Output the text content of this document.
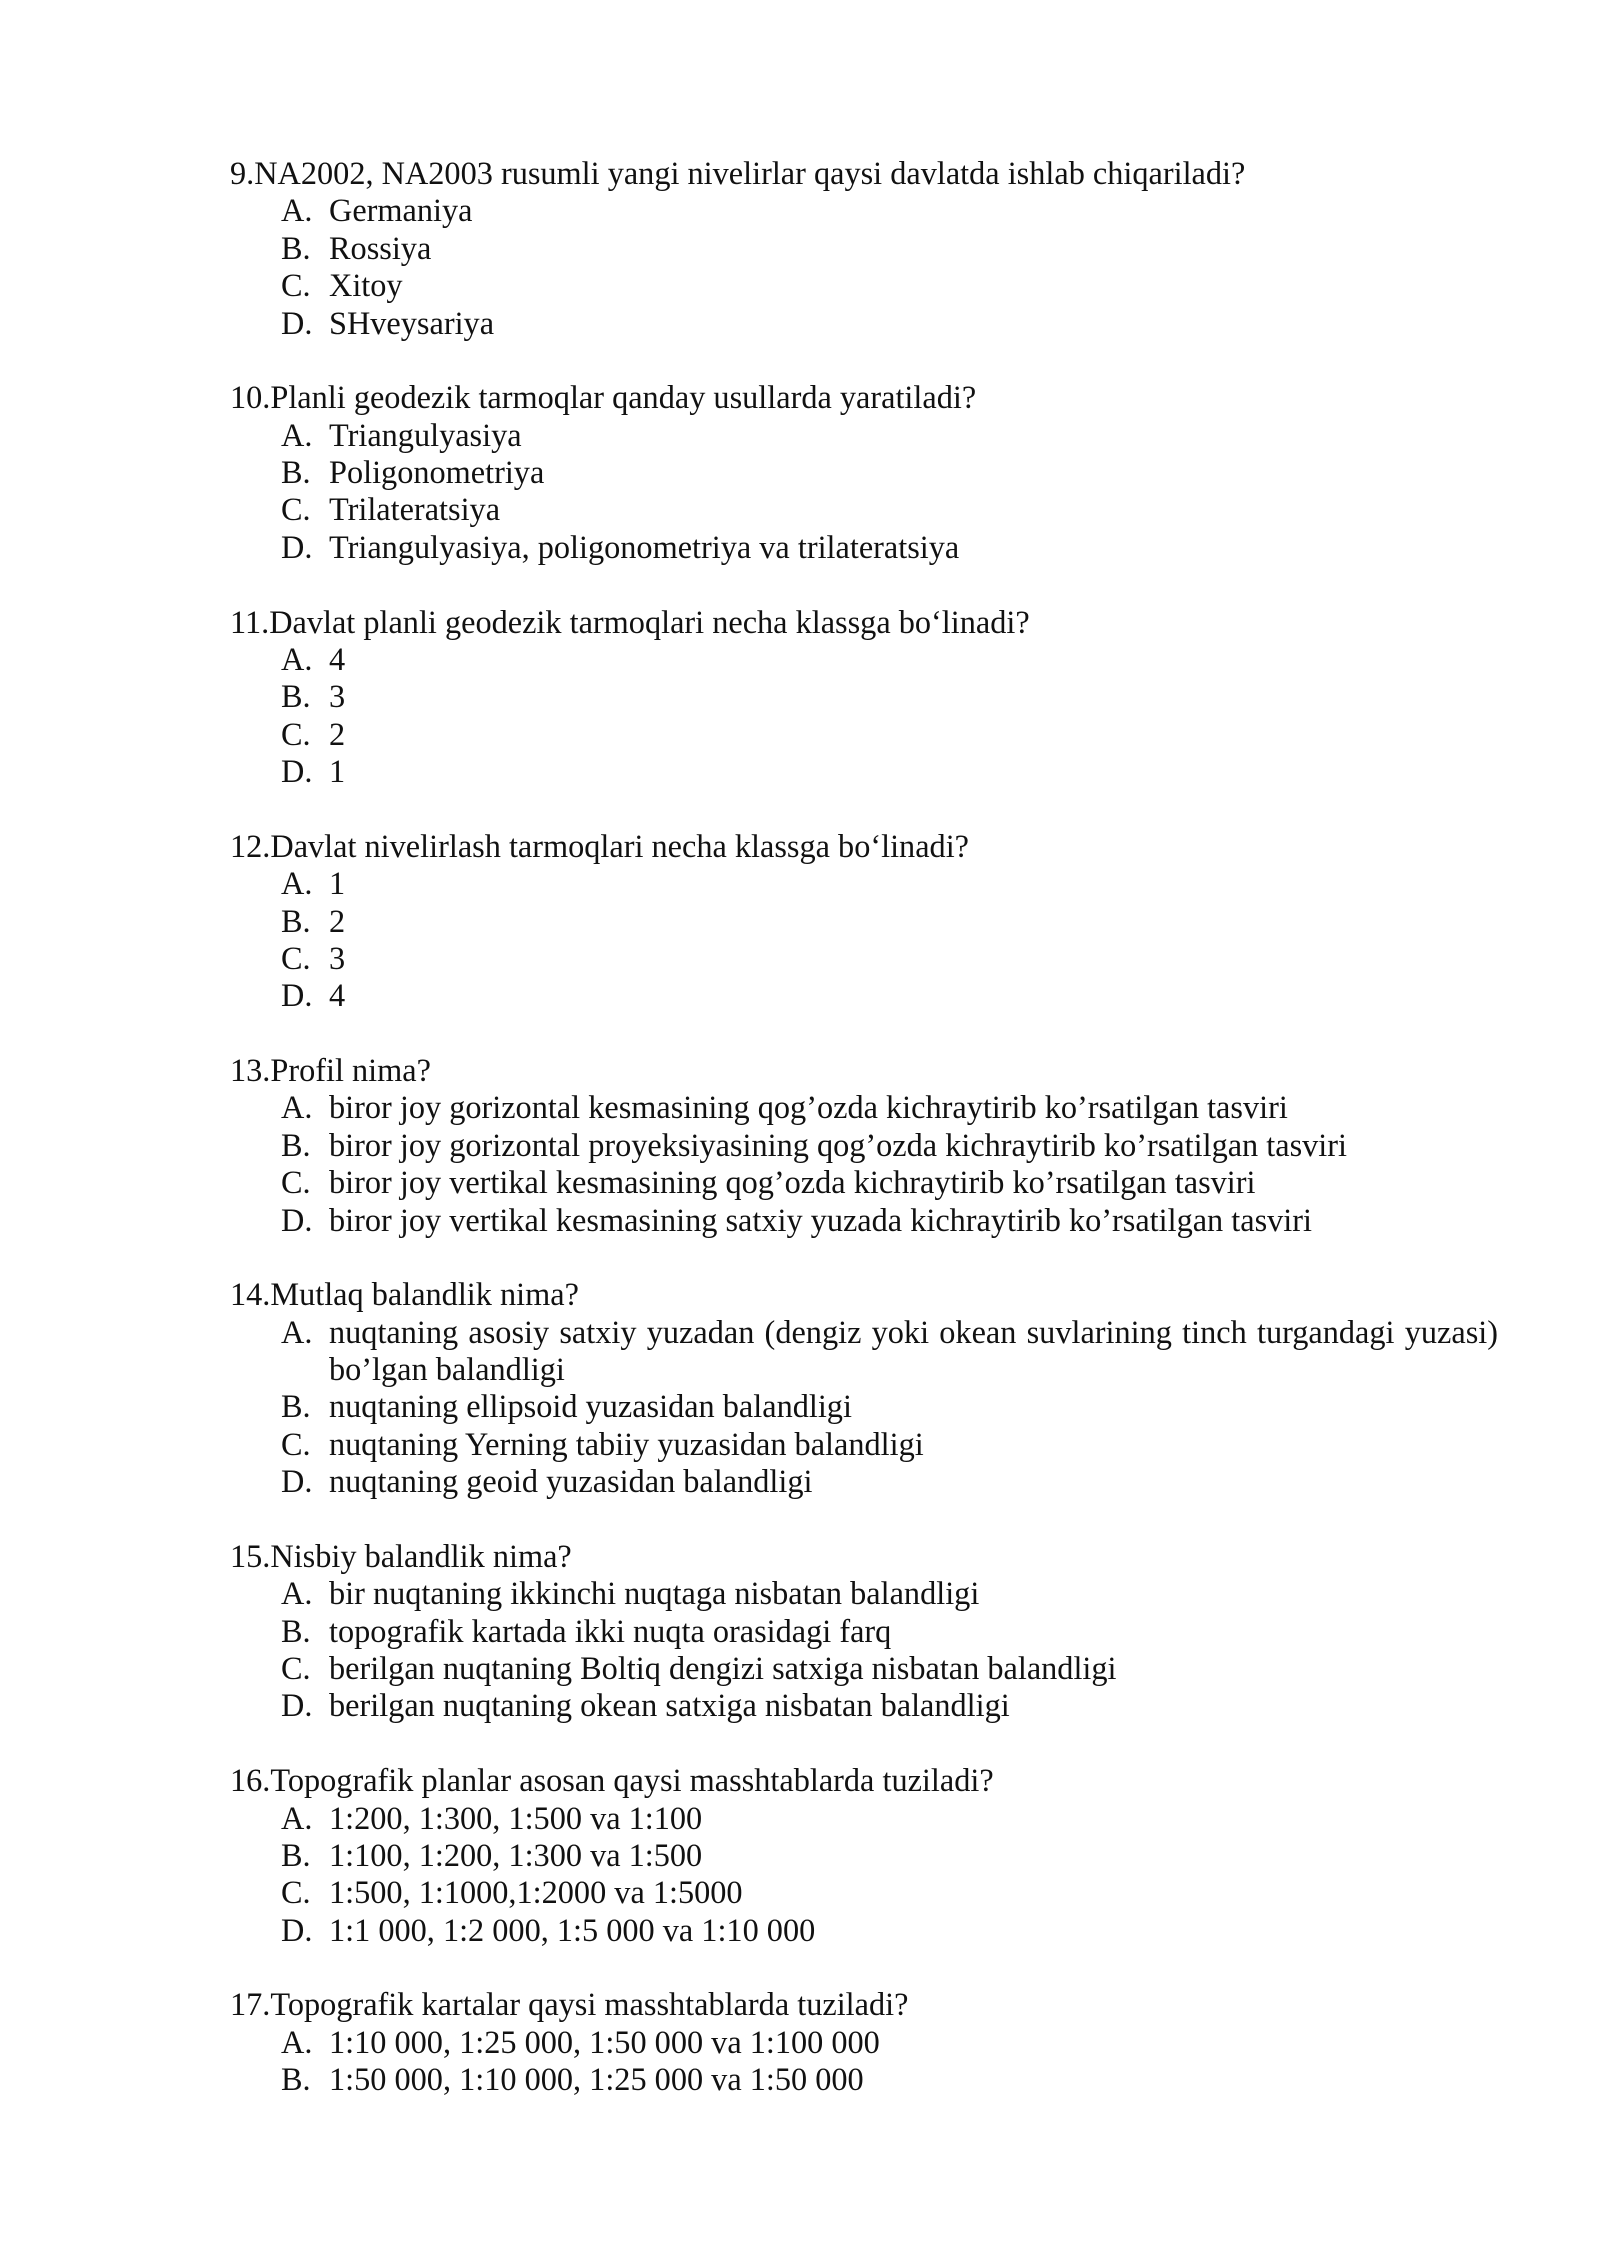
9.NA2002, NA2003 rusumli yangi nivelirlar qaysi davlatda ishlab chiqariladi?
A. Germaniya
B. Rossiya
C. Xitoy
D. SHveysariya
10.Planli geodezik tarmoqlar qanday usullarda yaratiladi?
A. Triangulyasiya
B. Poligonometriya
C. Trilateratsiya
D. Triangulyasiya, poligonometriya va trilateratsiya
11.Davlat planli geodezik tarmoqlari necha klassga bo‘linadi?
A. 4
B. 3
C. 2
D. 1
12.Davlat nivelirlash tarmoqlari necha klassga bo‘linadi?
A. 1
B. 2
C. 3
D. 4
13.Profil nima?
A. biror joy gorizontal kesmasining qog’ozda kichraytirib ko’rsatilgan tasviri
B. biror joy gorizontal proyeksiyasining qog’ozda kichraytirib ko’rsatilgan tasviri
C. biror joy vertikal kesmasining qog’ozda kichraytirib ko’rsatilgan tasviri
D. biror joy vertikal kesmasining satxiy yuzada kichraytirib ko’rsatilgan tasviri
14.Mutlaq balandlik nima?
A. nuqtaning asosiy satxiy yuzadan (dengiz yoki okean suvlarining tinch turgandagi yuzasi) bo’lgan balandligi
B. nuqtaning ellipsoid yuzasidan balandligi
C. nuqtaning Yerning tabiiy yuzasidan balandligi
D. nuqtaning geoid yuzasidan balandligi
15.Nisbiy balandlik nima?
A. bir nuqtaning ikkinchi nuqtaga nisbatan balandligi
B. topografik kartada ikki nuqta orasidagi farq
C. berilgan nuqtaning Boltiq dengizi satxiga nisbatan balandligi
D. berilgan nuqtaning okean satxiga nisbatan balandligi
16.Topografik planlar asosan qaysi masshtablarda tuziladi?
A. 1:200, 1:300, 1:500 va 1:100
B. 1:100, 1:200, 1:300 va 1:500
C. 1:500, 1:1000,1:2000 va 1:5000
D. 1:1 000, 1:2 000, 1:5 000 va 1:10 000
17.Topografik kartalar qaysi masshtablarda tuziladi?
A. 1:10 000, 1:25 000, 1:50 000 va 1:100 000
B. 1:50 000, 1:10 000, 1:25 000 va 1:50 000
